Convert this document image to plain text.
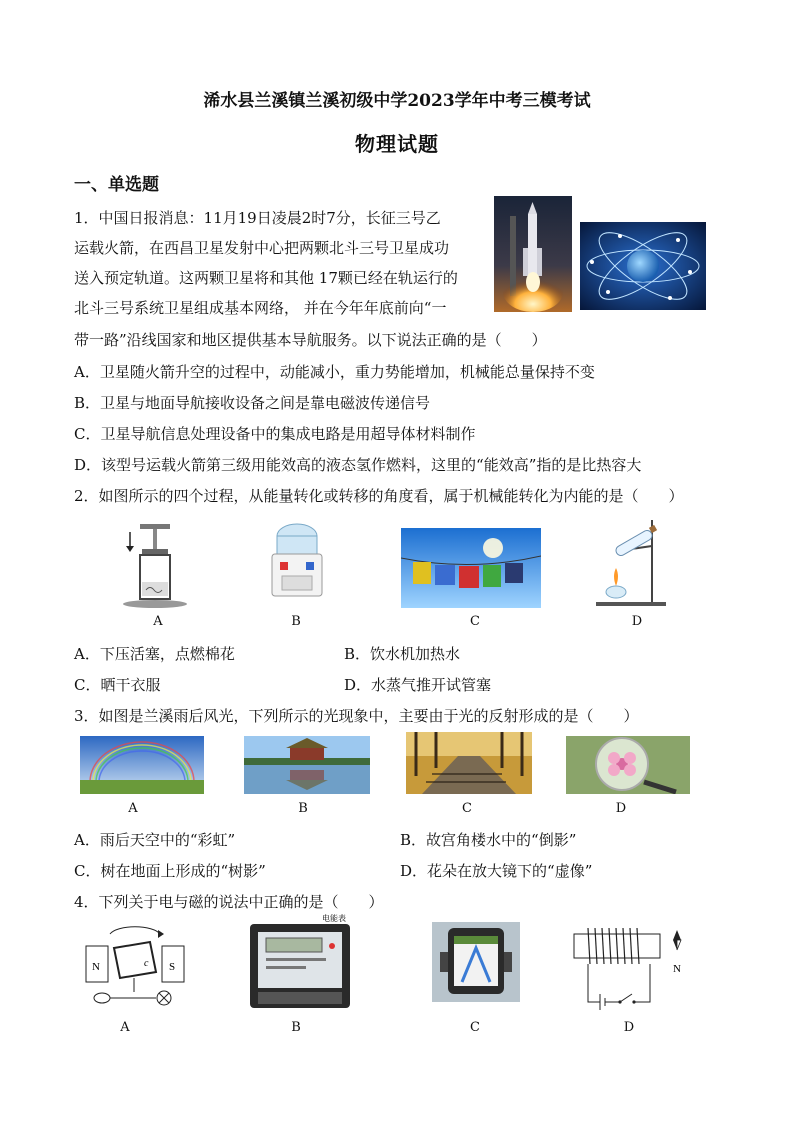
浠水县兰溪镇兰溪初级中学2023学年中考三模考试
物理试题
一、单选题
1．中国日报消息：11月19日凌晨2时7分，长征三号乙
运载火箭，在西昌卫星发射中心把两颗北斗三号卫星成功
送入预定轨道。这两颗卫星将和其他 17颗已经在轨运行的
北斗三号系统卫星组成基本网络， 并在今年年底前向“一
带一路”沿线国家和地区提供基本导航服务。以下说法正确的是（　　）
A．卫星随火箭升空的过程中，动能减小，重力势能增加，机械能总量保持不变
B．卫星与地面导航接收设备之间是靠电磁波传递信号
C．卫星导航信息处理设备中的集成电路是用超导体材料制作
D．该型号运载火箭第三级用能效高的液态氢作燃料，这里的“能效高”指的是比热容大
2．如图所示的四个过程，从能量转化或转移的角度看，属于机械能转化为内能的是（　　）
A	B	C	D
A．下压活塞，点燃棉花	B．饮水机加热水
C．晒干衣服	D．水蒸气推开试管塞
3．如图是兰溪雨后风光，下列所示的光现象中，主要由于光的反射形成的是（　　）
A	B	C	D
A．雨后天空中的“彩虹”	B．故宫角楼水中的“倒影”
C．树在地面上形成的“树影”	D．花朵在放大镜下的“虚像”
4．下列关于电与磁的说法中正确的是（　　）
N	S
c
电能表
N
A	B	C	D
